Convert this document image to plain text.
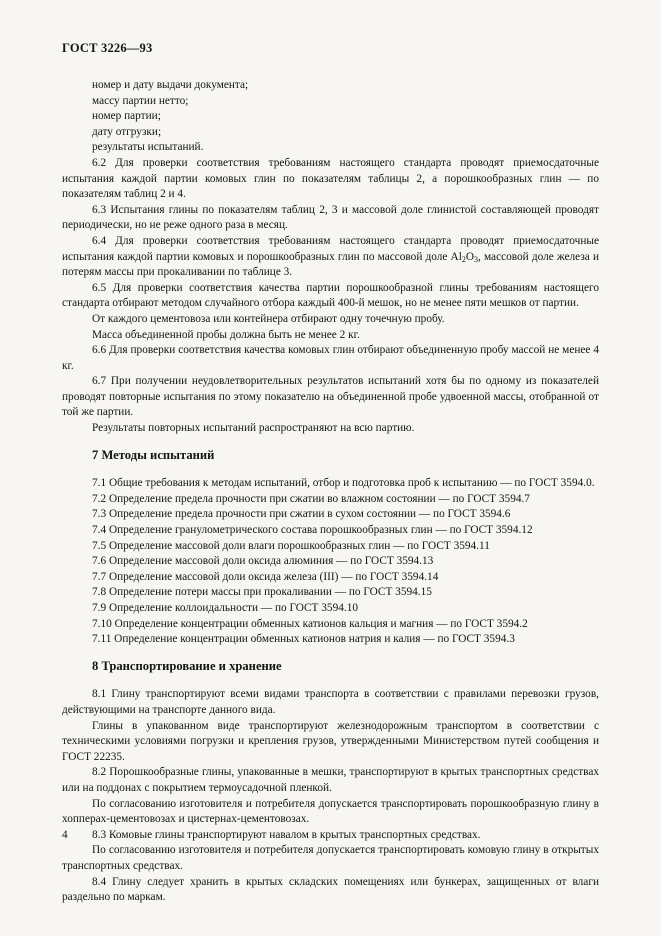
ГОСТ 3226—93

номер и дату выдачи документа;

массу партии нетто;

номер партии;

дату отгрузки;

результаты испытаний.

6.2 Для проверки соответствия требованиям настоящего стандарта проводят приемосдаточные испытания каждой партии комовых глин по показателям таблицы 2, а порошкообразных глин — по показателям таблиц 2 и 4.

6.3 Испытания глины по показателям таблиц 2, 3 и массовой доле глинистой составляющей проводят периодически, но не реже одного раза в месяц.

6.4 Для проверки соответствия требованиям настоящего стандарта проводят приемосдаточные испытания каждой партии комовых и порошкообразных глин по массовой доле $Al_2O_3$, массовой доле железа и потерям массы при прокаливании по таблице 3.

6.5 Для проверки соответствия качества партии порошкообразной глины требованиям настоящего стандарта отбирают методом случайного отбора каждый 400-й мешок, но не менее пяти мешков от партии.

От каждого цементовоза или контейнера отбирают одну точечную пробу.

Масса объединенной пробы должна быть не менее 2 кг.

6.6 Для проверки соответствия качества комовых глин отбирают объединенную пробу массой не менее 4 кг.

6.7 При получении неудовлетворительных результатов испытаний хотя бы по одному из показателей проводят повторные испытания по этому показателю на объединенной пробе удвоенной массы, отобранной от той же партии.

Результаты повторных испытаний распространяют на всю партию.

7 Методы испытаний

7.1 Общие требования к методам испытаний, отбор и подготовка проб к испытанию — по ГОСТ 3594.0.

7.2 Определение предела прочности при сжатии во влажном состоянии — по ГОСТ 3594.7

7.3 Определение предела прочности при сжатии в сухом состоянии — по ГОСТ 3594.6

7.4 Определение гранулометрического состава порошкообразных глин — по ГОСТ 3594.12

7.5 Определение массовой доли влаги порошкообразных глин — по ГОСТ 3594.11

7.6 Определение массовой доли оксида алюминия — по ГОСТ 3594.13

7.7 Определение массовой доли оксида железа (III) — по ГОСТ 3594.14

7.8 Определение потери массы при прокаливании — по ГОСТ 3594.15

7.9 Определение коллоидальности — по ГОСТ 3594.10

7.10 Определение концентрации обменных катионов кальция и магния — по ГОСТ 3594.2

7.11 Определение концентрации обменных катионов натрия и калия — по ГОСТ 3594.3

8 Транспортирование и хранение

8.1 Глину транспортируют всеми видами транспорта в соответствии с правилами перевозки грузов, действующими на транспорте данного вида.

Глины в упакованном виде транспортируют железнодорожным транспортом в соответствии с техническими условиями погрузки и крепления грузов, утвержденными Министерством путей сообщения и ГОСТ 22235.

8.2 Порошкообразные глины, упакованные в мешки, транспортируют в крытых транспортных средствах или на поддонах с покрытием термоусадочной пленкой.

По согласованию изготовителя и потребителя допускается транспортировать порошкообразную глину в хопперах-цементовозах и цистернах-цементовозах.

8.3 Комовые глины транспортируют навалом в крытых транспортных средствах.

По согласованию изготовителя и потребителя допускается транспортировать комовую глину в открытых транспортных средствах.

8.4 Глину следует хранить в крытых складских помещениях или бункерах, защищенных от влаги раздельно по маркам.

4
